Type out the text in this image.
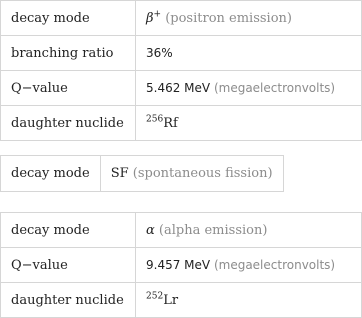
decay mode	β+ (positron emission)
branching ratio	36%
Q−value	5.462 MeV (megaelectronvolts)
daughter nuclide	$^{256}$Rf
decay mode	SF (spontaneous fission)
decay mode	α (alpha emission)
Q−value	9.457 MeV (megaelectronvolts)
daughter nuclide	$^{252}$Lr
